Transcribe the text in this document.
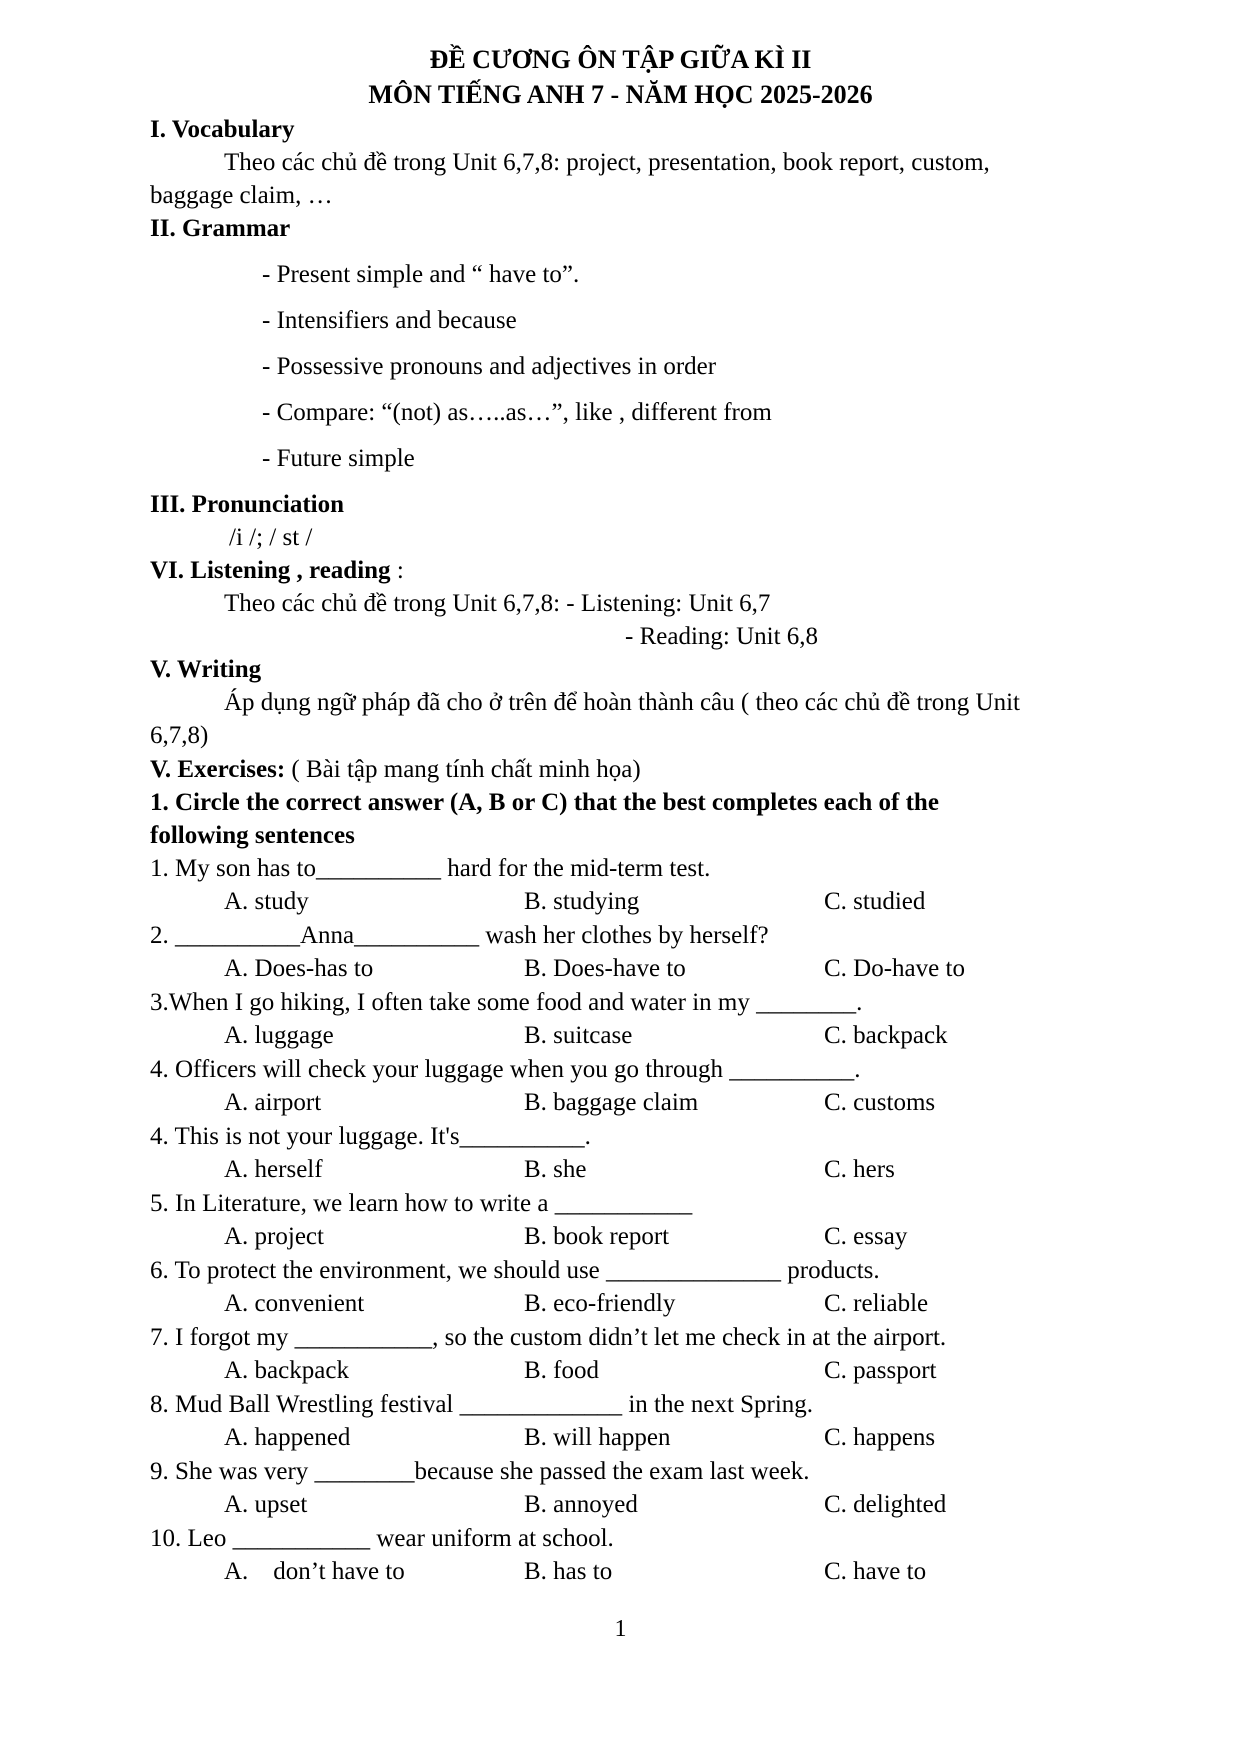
ĐỀ CƯƠNG ÔN TẬP GIỮA KÌ II
MÔN TIẾNG ANH 7 - NĂM HỌC 2025-2026
I. Vocabulary
Theo các chủ đề trong Unit 6,7,8: project, presentation, book report, custom,
baggage claim, …
II. Grammar
- Present simple and “ have to”.
- Intensifiers and because
- Possessive pronouns and adjectives in order
- Compare: “(not) as…..as…”, like , different from
- Future simple
III. Pronunciation
/i /; / st /
VI. Listening , reading :
Theo các chủ đề trong Unit 6,7,8: - Listening: Unit 6,7
- Reading: Unit 6,8
V. Writing
Áp dụng ngữ pháp đã cho ở trên để hoàn thành câu ( theo các chủ đề trong Unit
6,7,8)
V. Exercises: ( Bài tập mang tính chất minh họa)
1. Circle the correct answer (A, B or C) that the best completes each of the
following sentences
1. My son has to__________ hard for the mid-term test.
A. study	B. studying	C. studied
2. __________Anna__________ wash her clothes by herself?
A. Does-has to	B. Does-have to	C. Do-have to
3.When I go hiking, I often take some food and water in my ________.
A. luggage	B. suitcase	C. backpack
4. Officers will check your luggage when you go through __________.
A. airport	B. baggage claim	C. customs
4. This is not your luggage. It's__________.
A. herself	B. she	C. hers
5. In Literature, we learn how to write a ___________
A. project	B. book report	C. essay
6. To protect the environment, we should use ______________ products.
A. convenient	B. eco-friendly	C. reliable
7. I forgot my ___________, so the custom didn’t let me check in at the airport.
A. backpack	B. food	C. passport
8. Mud Ball Wrestling festival _____________ in the next Spring.
A. happened	B. will happen	C. happens
9. She was very ________because she passed the exam last week.
A. upset	B. annoyed	C. delighted
10. Leo ___________ wear uniform at school.
A.    don’t have to	B. has to	C. have to
1
